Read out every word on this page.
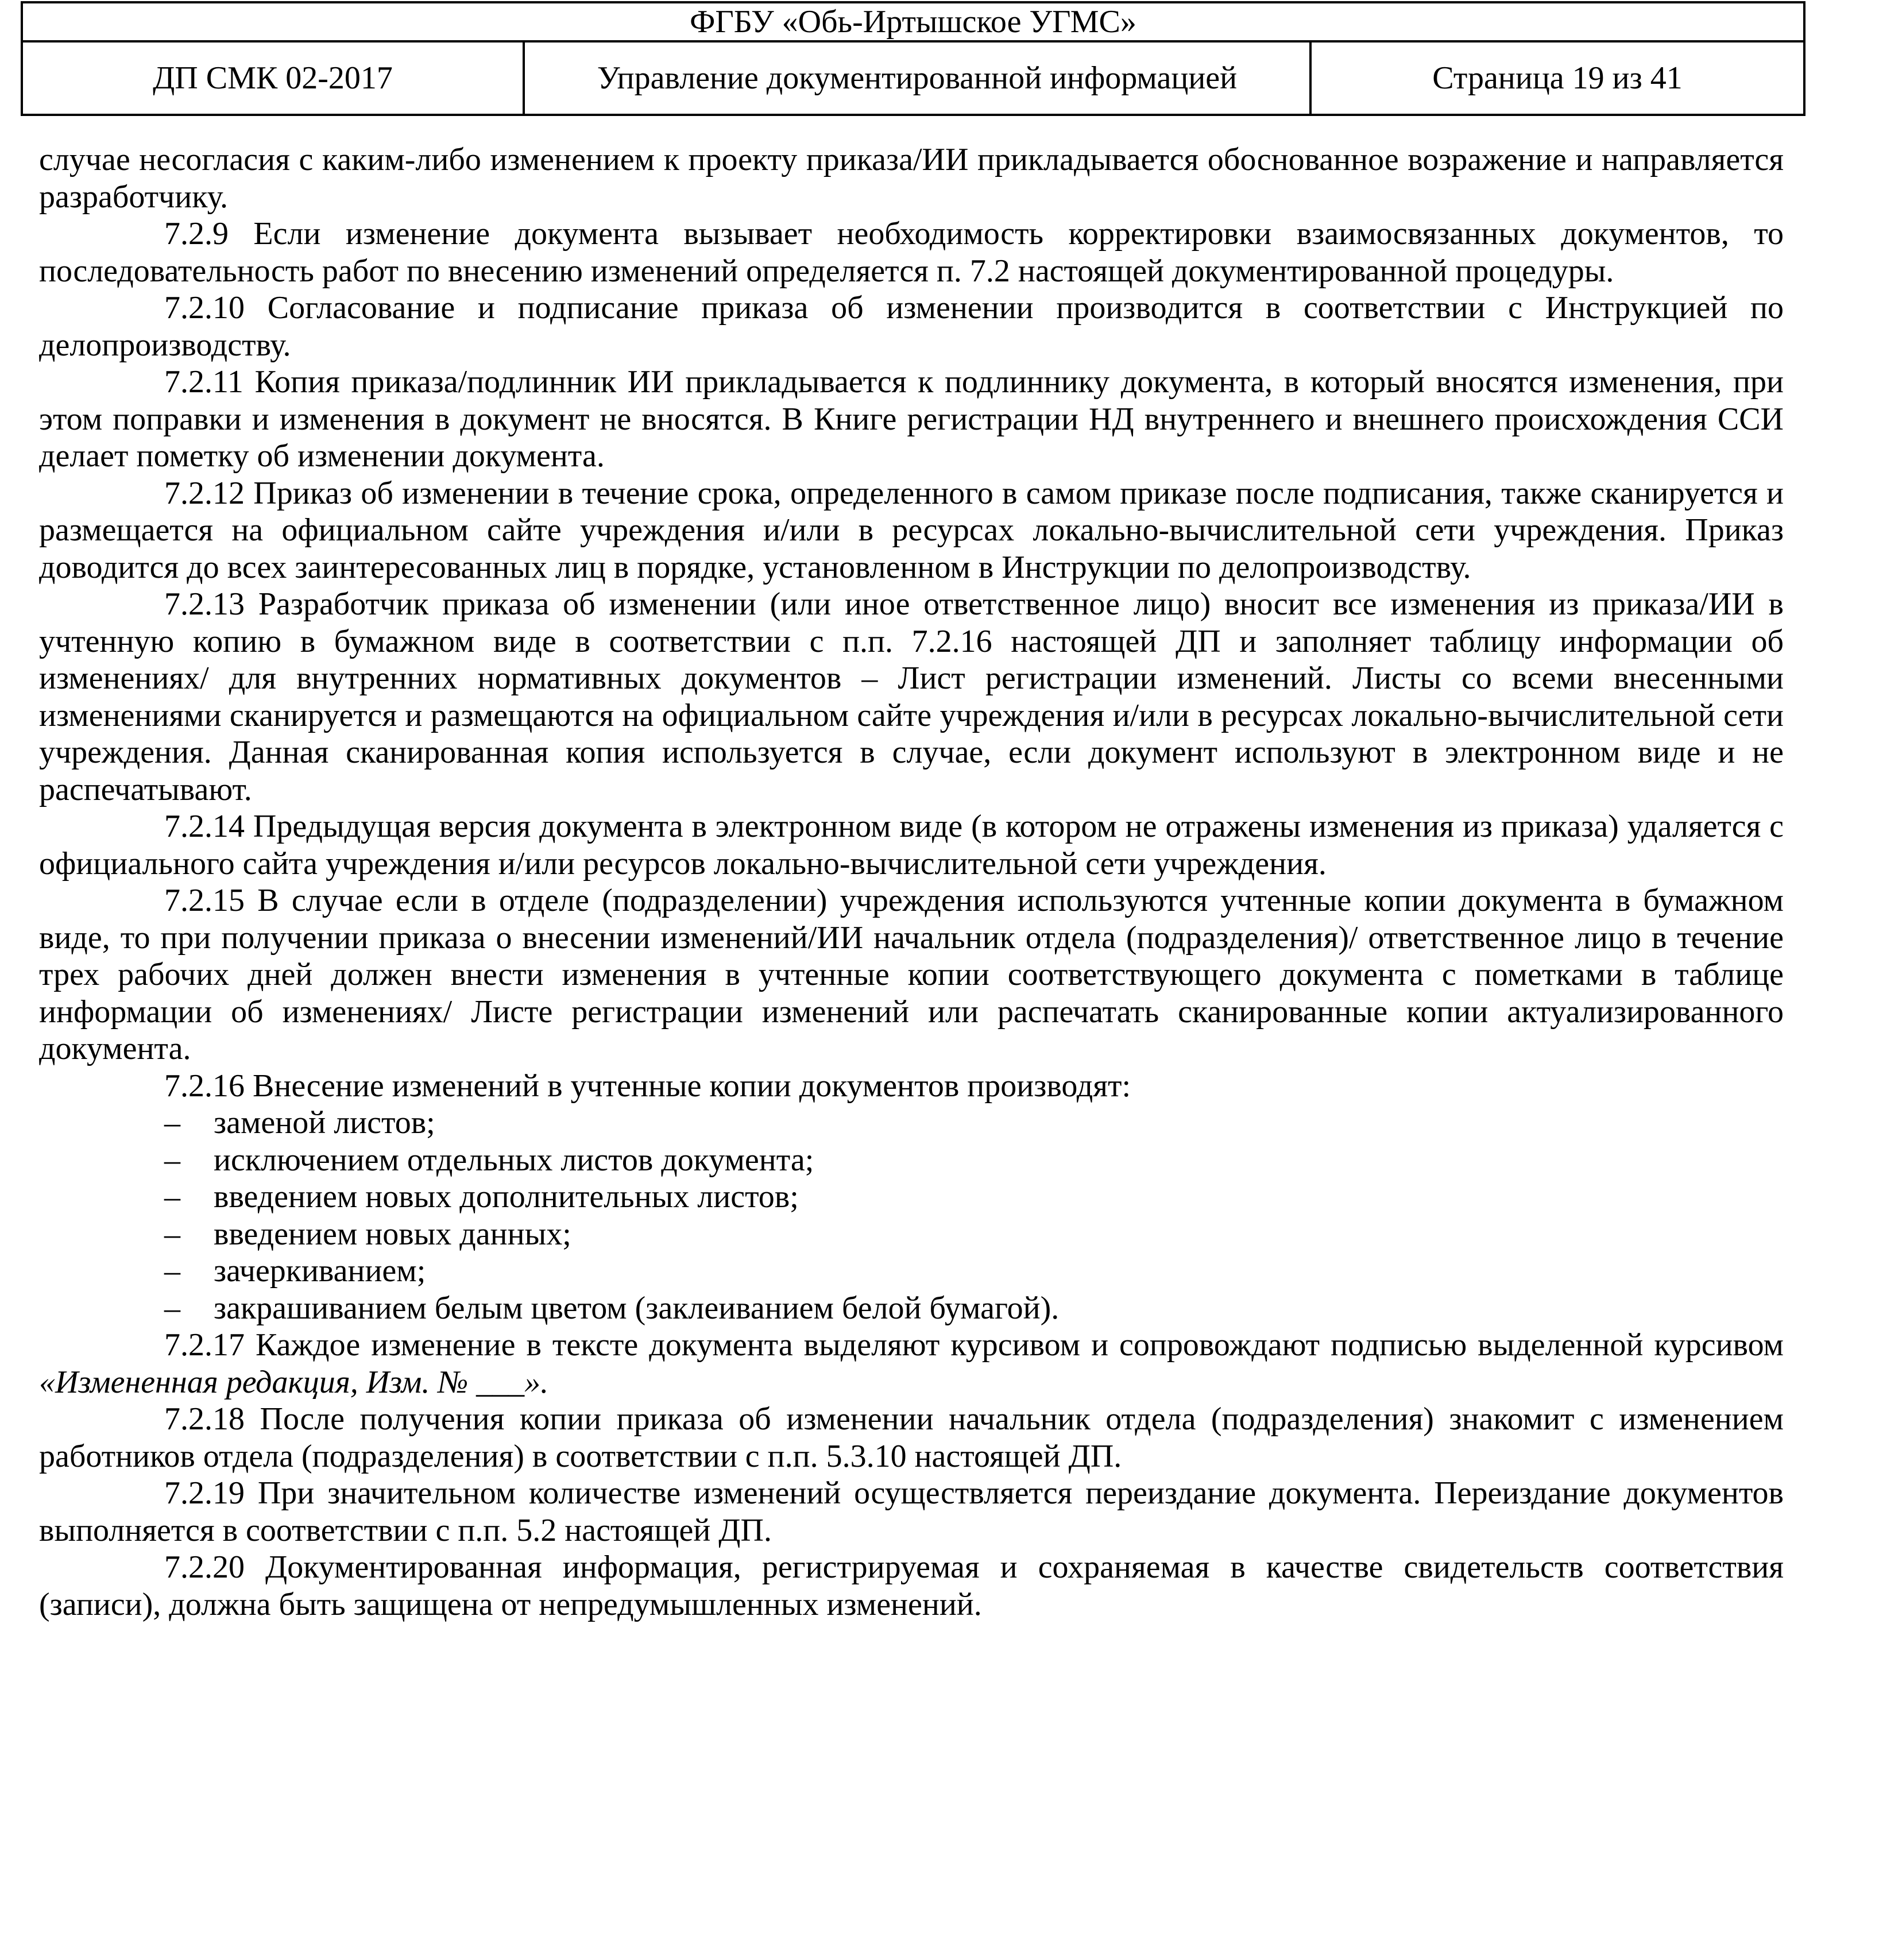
ФГБУ «Обь-Иртышское УГМС»
ДП СМК 02-2017	Управление документированной информацией	Страница 19 из 41

случае несогласия с каким-либо изменением к проекту приказа/ИИ прикладывается обоснованное возражение и направляется разработчику.

7.2.9 Если изменение документа вызывает необходимость корректировки взаимосвязанных документов, то последовательность работ по внесению изменений определяется п. 7.2 настоящей документированной процедуры.

7.2.10 Согласование и подписание приказа об изменении производится в соответствии с Инструкцией по делопроизводству.

7.2.11 Копия приказа/подлинник ИИ прикладывается к подлиннику документа, в который вносятся изменения, при этом поправки и изменения в документ не вносятся. В Книге регистрации НД внутреннего и внешнего происхождения ССИ делает пометку об изменении документа.

7.2.12 Приказ об изменении в течение срока, определенного в самом приказе после подписания, также сканируется и размещается на официальном сайте учреждения и/или в ресурсах локально-вычислительной сети учреждения. Приказ доводится до всех заинтересованных лиц в порядке, установленном в Инструкции по делопроизводству.

7.2.13 Разработчик приказа об изменении (или иное ответственное лицо) вносит все изменения из приказа/ИИ в учтенную копию в бумажном виде в соответствии с п.п. 7.2.16 настоящей ДП и заполняет таблицу информации об изменениях/ для внутренних нормативных документов – Лист регистрации изменений. Листы со всеми внесенными изменениями сканируется и размещаются на официальном сайте учреждения и/или в ресурсах локально-вычислительной сети учреждения. Данная сканированная копия используется в случае, если документ используют в электронном виде и не распечатывают.

7.2.14 Предыдущая версия документа в электронном виде (в котором не отражены изменения из приказа) удаляется с официального сайта учреждения и/или ресурсов локально-вычислительной сети учреждения.

7.2.15 В случае если в отделе (подразделении) учреждения используются учтенные копии документа в бумажном виде, то при получении приказа о внесении изменений/ИИ начальник отдела (подразделения)/ ответственное лицо в течение трех рабочих дней должен внести изменения в учтенные копии соответствующего документа с пометками в таблице информации об изменениях/ Листе регистрации изменений или распечатать сканированные копии актуализированного документа.

7.2.16 Внесение изменений в учтенные копии документов производят:

– заменой листов;
– исключением отдельных листов документа;
– введением новых дополнительных листов;
– введением новых данных;
– зачеркиванием;
– закрашиванием белым цветом (заклеиванием белой бумагой).

7.2.17 Каждое изменение в тексте документа выделяют курсивом и сопровождают подписью выделенной курсивом «Измененная редакция, Изм. № ___».

7.2.18 После получения копии приказа об изменении начальник отдела (подразделения) знакомит с изменением работников отдела (подразделения) в соответствии с п.п. 5.3.10 настоящей ДП.

7.2.19 При значительном количестве изменений осуществляется переиздание документа. Переиздание документов выполняется в соответствии с п.п. 5.2 настоящей ДП.

7.2.20 Документированная информация, регистрируемая и сохраняемая в качестве свидетельств соответствия (записи), должна быть защищена от непредумышленных изменений.
